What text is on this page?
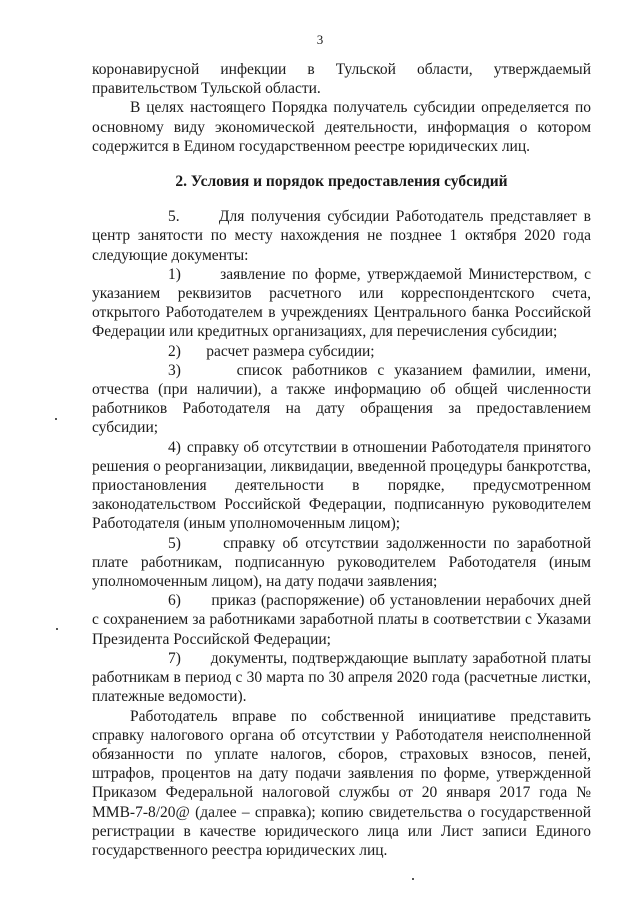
3

коронавирусной инфекции в Тульской области, утверждаемый правительством Тульской области.

В целях настоящего Порядка получатель субсидии определяется по основному виду экономической деятельности, информация о котором содержится в Едином государственном реестре юридических лиц.

2. Условия и порядок предоставления субсидий

5.	Для получения субсидии Работодатель представляет в центр занятости по месту нахождения не позднее 1 октября 2020 года следующие документы:

1)	заявление по форме, утверждаемой Министерством, с указанием реквизитов расчетного или корреспондентского счета, открытого Работодателем в учреждениях Центрального банка Российской Федерации или кредитных организациях, для перечисления субсидии;

2) расчет размера субсидии;

3)	список работников с указанием фамилии, имени, отчества (при наличии), а также информацию об общей численности работников Работодателя на дату обращения за предоставлением субсидии;

4) справку об отсутствии в отношении Работодателя принятого решения о реорганизации, ликвидации, введенной процедуры банкротства, приостановления деятельности в порядке, предусмотренном законодательством Российской Федерации, подписанную руководителем Работодателя (иным уполномоченным лицом);

5)	справку об отсутствии задолженности по заработной плате работникам, подписанную руководителем Работодателя (иным уполномоченным лицом), на дату подачи заявления;

6) приказ (распоряжение) об установлении нерабочих дней с сохранением за работниками заработной платы в соответствии с Указами Президента Российской Федерации;

7) документы, подтверждающие выплату заработной платы работникам в период с 30 марта по 30 апреля 2020 года (расчетные листки, платежные ведомости).

Работодатель вправе по собственной инициативе представить справку налогового органа об отсутствии у Работодателя неисполненной обязанности по уплате налогов, сборов, страховых взносов, пеней, штрафов, процентов на дату подачи заявления по форме, утвержденной Приказом Федеральной налоговой службы от 20 января 2017 года № ММВ-7-8/20@ (далее – справка); копию свидетельства о государственной регистрации в качестве юридического лица или Лист записи Единого государственного реестра юридических лиц.
